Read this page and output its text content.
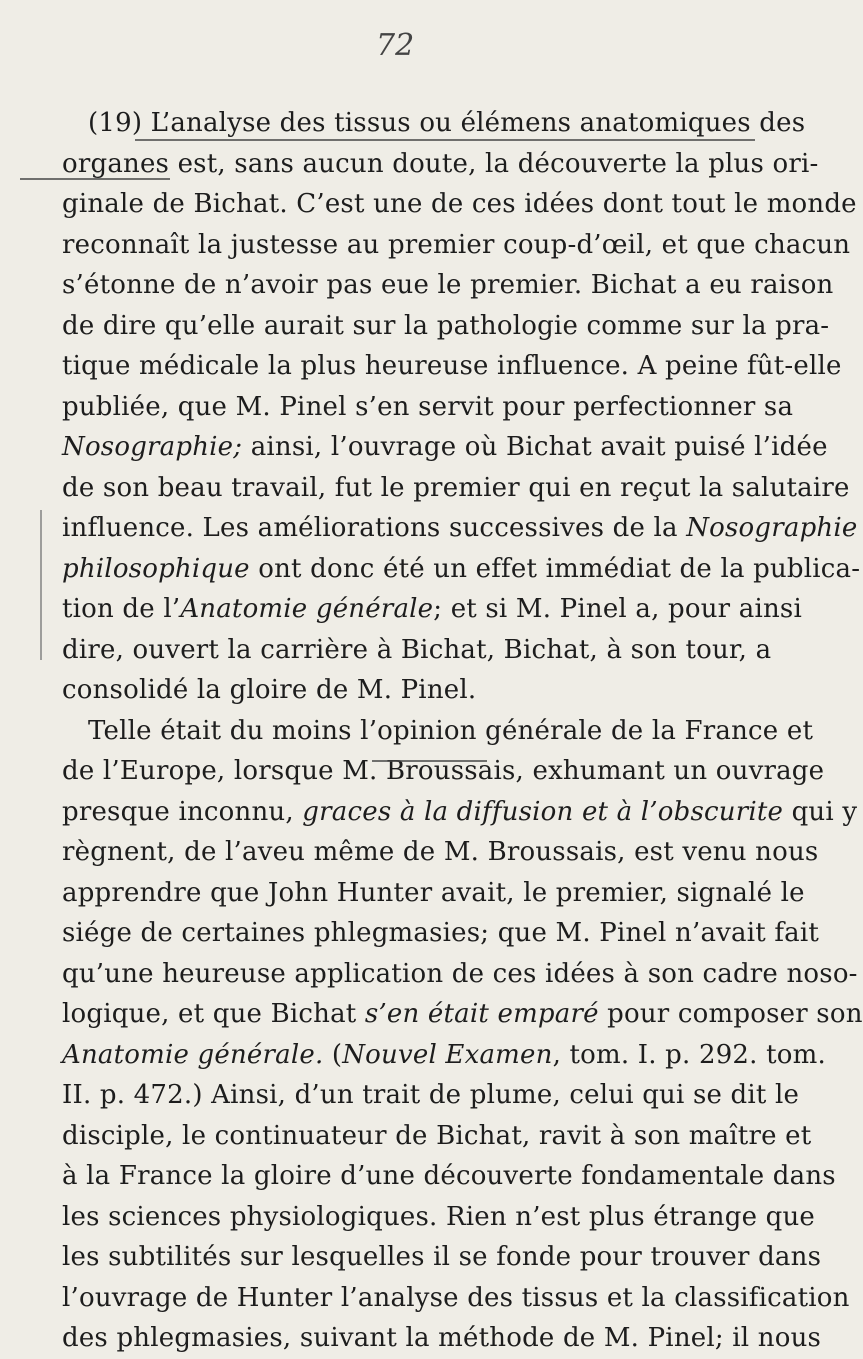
72
(19) L’analyse des tissus ou élémens anatomiques des
organes est, sans aucun doute, la découverte la plus ori-
ginale de Bichat. C’est une de ces idées dont tout le monde
reconnaît la justesse au premier coup-d’œil, et que chacun
s’étonne de n’avoir pas eue le premier. Bichat a eu raison
de dire qu’elle aurait sur la pathologie comme sur la pra-
tique médicale la plus heureuse influence. A peine fût-elle
publiée, que M. Pinel s’en servit pour perfectionner sa
Nosographie; ainsi, l’ouvrage où Bichat avait puisé l’idée
de son beau travail, fut le premier qui en reçut la salutaire
influence. Les améliorations successives de la Nosographie
philosophique ont donc été un effet immédiat de la publica-
tion de l’Anatomie générale; et si M. Pinel a, pour ainsi
dire, ouvert la carrière à Bichat, Bichat, à son tour, a
consolidé la gloire de M. Pinel.
Telle était du moins l’opinion générale de la France et
de l’Europe, lorsque M. Broussais, exhumant un ouvrage
presque inconnu, graces à la diffusion et à l’obscurite qui y
règnent, de l’aveu même de M. Broussais, est venu nous
apprendre que John Hunter avait, le premier, signalé le
siége de certaines phlegmasies; que M. Pinel n’avait fait
qu’une heureuse application de ces idées à son cadre noso-
logique, et que Bichat s’en était emparé pour composer son
Anatomie générale. (Nouvel Examen, tom. I. p. 292. tom.
II. p. 472.) Ainsi, d’un trait de plume, celui qui se dit le
disciple, le continuateur de Bichat, ravit à son maître et
à la France la gloire d’une découverte fondamentale dans
les sciences physiologiques. Rien n’est plus étrange que
les subtilités sur lesquelles il se fonde pour trouver dans
l’ouvrage de Hunter l’analyse des tissus et la classification
des phlegmasies, suivant la méthode de M. Pinel; il nous
